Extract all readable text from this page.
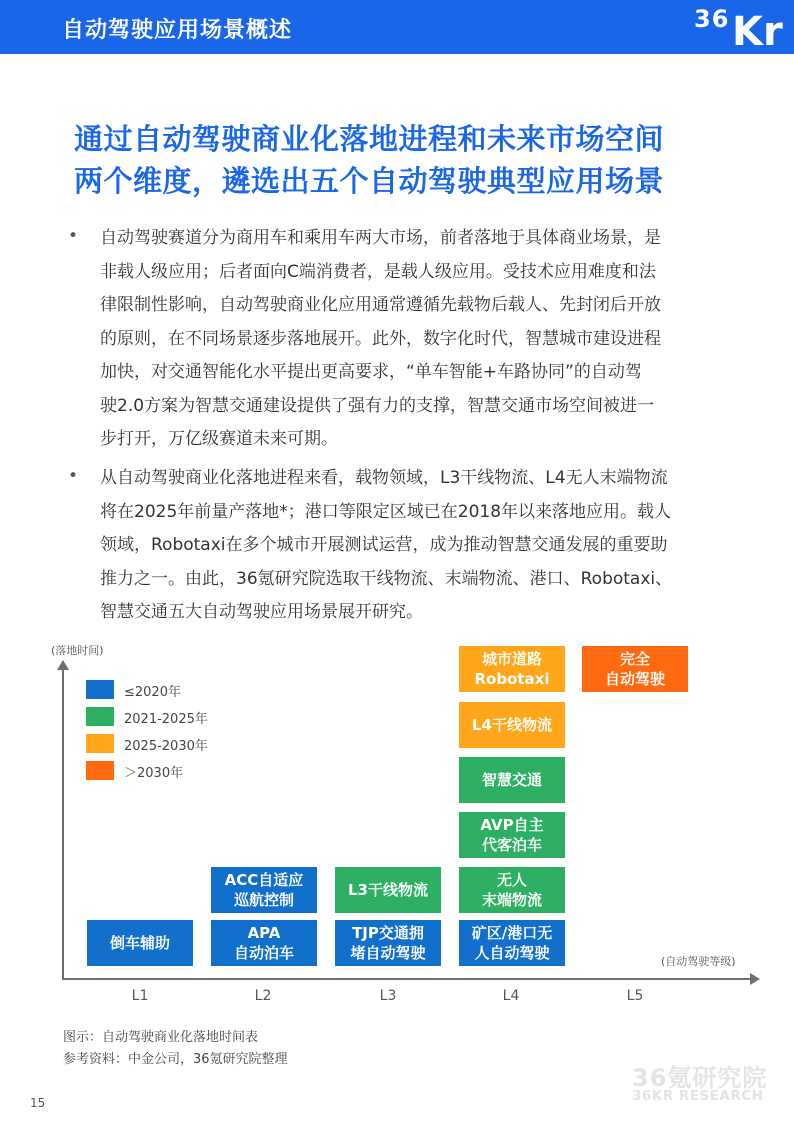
自动驾驶应用场景概述	36 Kr
通过自动驾驶商业化落地进程和未来市场空间
两个维度，遴选出五个自动驾驶典型应用场景
• 自动驾驶赛道分为商用车和乘用车两大市场，前者落地于具体商业场景，是
非载人级应用；后者面向C端消费者，是载人级应用。受技术应用难度和法
律限制性影响，自动驾驶商业化应用通常遵循先载物后载人、先封闭后开放
的原则，在不同场景逐步落地展开。此外，数字化时代，智慧城市建设进程
加快，对交通智能化水平提出更高要求，“单车智能+车路协同”的自动驾
驶2.0方案为智慧交通建设提供了强有力的支撑，智慧交通市场空间被进一
步打开，万亿级赛道未来可期。
• 从自动驾驶商业化落地进程来看，载物领域，L3干线物流、L4无人末端物流
将在2025年前量产落地*；港口等限定区域已在2018年以来落地应用。载人
领域，Robotaxi在多个城市开展测试运营，成为推动智慧交通发展的重要助
推力之一。由此，36氪研究院选取干线物流、末端物流、港口、Robotaxi、
智慧交通五大自动驾驶应用场景展开研究。
(落地时间)
(自动驾驶等级)
L1	L2	L3	L4	L5
≤2020年
2021-2025年
2025-2030年
＞2030年
倒车辅助
APA
自动泊车
ACC自适应
巡航控制
TJP交通拥
堵自动驾驶
L3干线物流
矿区/港口无
人自动驾驶
无人
末端物流
AVP自主
代客泊车
智慧交通
L4干线物流
城市道路
Robotaxi
完全
自动驾驶
图示：自动驾驶商业化落地时间表
参考资料：中金公司，36氪研究院整理
36氪研究院
36KR RESEARCH
15
